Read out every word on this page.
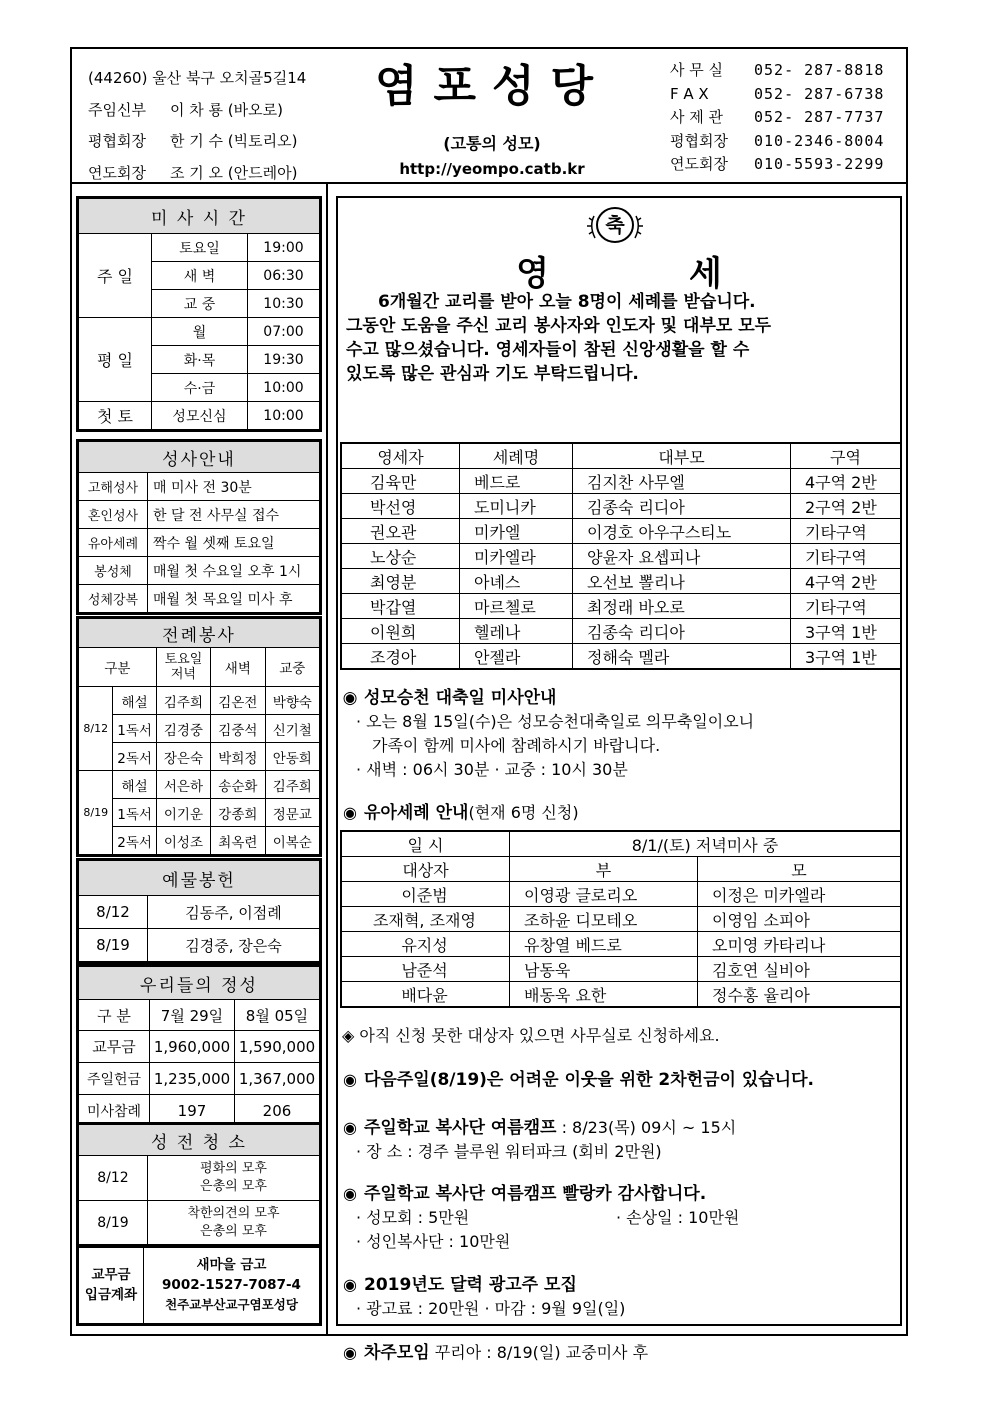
(44260) 울산 북구 오치골5길14
주임신부 이 차 룡 (바오로)
평협회장 한 기 수 (빅토리오)
연도회장 조 기 오 (안드레아)
염포성당
(고통의 성모)
http://yeompo.catb.kr
사 무 실 052- 287-8818
F A X	052- 287-6738
사 제 관 052- 287-7737
평협회장 010-2346-8004
연도회장 010-5593-2299
미 사 시 간		
주 일	토요일	19:00
	새 벽	06:30
	교 중	10:30
평 일	월	07:00
	화·목	19:30
	수·금	10:00
첫 토	성모신심	10:00
성사안내	
고해성사	매 미사 전 30분
혼인성사	한 달 전 사무실 접수
유아세례	짝수 월 셋째 토요일
봉성체	매월 첫 수요일 오후 1시
성체강복	매월 첫 목요일 미사 후
전례봉사				
구분		토요일 저녁	새벽	교중
8/12	해설	김주희	김온전	박향숙
	1독서	김경중	김중석	신기철
	2독서	장은숙	박희정	안동희
8/19	해설	서은하	송순화	김주희
	1독서	이기운	강종희	정문교
	2독서	이성조	최옥련	이복순
예물봉헌	
8/12	김동주, 이점례
8/19	김경중, 장은숙
우리들의 정성		
구 분	7월 29일	8월 05일
교무금	1,960,000	1,590,000
주일헌금	1,235,000	1,367,000
미사참례	197	206
성 전 청 소	
8/12	평화의 모후
은총의 모후

8/19	착한의견의 모후
은총의 모후
교무금
입금계좌

새마을 금고
9002-1527-7087-4
천주교부산교구염포성당
축
영	세
6개월간 교리를 받아 오늘 8명이 세례를 받습니다.
그동안 도움을 주신 교리 봉사자와 인도자 및 대부모 모두
수고 많으셨습니다. 영세자들이 참된 신앙생활을 할 수
있도록 많은 관심과 기도 부탁드립니다.
영세자	세례명	대부모	구역
김육만	베드로	김지찬 사무엘	4구역 2반
박선영	도미니카	김종숙 리디아	2구역 2반
권오관	미카엘	이경호 아우구스티노	기타구역
노상순	미카엘라	양윤자 요셉피나	기타구역
최영분	아녜스	오선보 뽈리나	4구역 2반
박갑열	마르첼로	최정래 바오로	기타구역
이원희	헬레나	김종숙 리디아	3구역 1반
조경아	안젤라	정해숙 멜라	3구역 1반
◉ 성모승천 대축일 미사안내
· 오는 8월 15일(수)은 성모승천대축일로 의무축일이오니
가족이 함께 미사에 참례하시기 바랍니다.
· 새벽 : 06시 30분 · 교중 : 10시 30분
◉ 유아세례 안내(현재 6명 신청)
일 시	8/1/(토) 저녁미사 중	
대상자	부	모
이준범	이영광 글로리오	이정은 미카엘라
조재혁, 조재영	조하윤 디모테오	이영임 소피아
유지성	유창열 베드로	오미영 카타리나
남준석	남동욱	김호연 실비아
배다윤	배동욱 요한	정수홍 율리아
◈ 아직 신청 못한 대상자 있으면 사무실로 신청하세요.
◉ 다음주일(8/19)은 어려운 이웃을 위한 2차헌금이 있습니다.
◉ 주일학교 복사단 여름캠프 : 8/23(목) 09시 ~ 15시
· 장 소 : 경주 블루원 워터파크 (회비 2만원)
◉ 주일학교 복사단 여름캠프 빨랑카 감사합니다.
· 성모회 : 5만원	· 손상일 : 10만원
· 성인복사단 : 10만원
◉ 2019년도 달력 광고주 모집
· 광고료 : 20만원 · 마감 : 9월 9일(일)
◉ 차주모임 꾸리아 : 8/19(일) 교중미사 후
